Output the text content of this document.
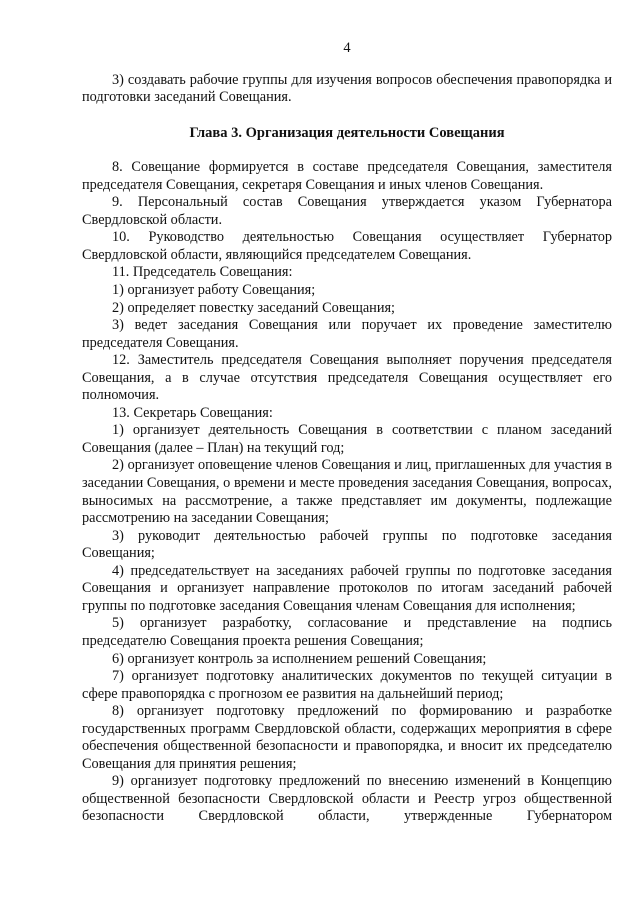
4

3) создавать рабочие группы для изучения вопросов обеспечения правопорядка и подготовки заседаний Совещания.

Глава 3. Организация деятельности Совещания

8. Совещание формируется в составе председателя Совещания, заместителя председателя Совещания, секретаря Совещания и иных членов Совещания.

9. Персональный состав Совещания утверждается указом Губернатора Свердловской области.

10. Руководство деятельностью Совещания осуществляет Губернатор Свердловской области, являющийся председателем Совещания.

11. Председатель Совещания:

1) организует работу Совещания;

2) определяет повестку заседаний Совещания;

3) ведет заседания Совещания или поручает их проведение заместителю председателя Совещания.

12. Заместитель председателя Совещания выполняет поручения председателя Совещания, а в случае отсутствия председателя Совещания осуществляет его полномочия.

13. Секретарь Совещания:

1) организует деятельность Совещания в соответствии с планом заседаний Совещания (далее – План) на текущий год;

2) организует оповещение членов Совещания и лиц, приглашенных для участия в заседании Совещания, о времени и месте проведения заседания Совещания, вопросах, выносимых на рассмотрение, а также представляет им документы, подлежащие рассмотрению на заседании Совещания;

3) руководит деятельностью рабочей группы по подготовке заседания Совещания;

4) председательствует на заседаниях рабочей группы по подготовке заседания Совещания и организует направление протоколов по итогам заседаний рабочей группы по подготовке заседания Совещания членам Совещания для исполнения;

5) организует разработку, согласование и представление на подпись председателю Совещания проекта решения Совещания;

6) организует контроль за исполнением решений Совещания;

7) организует подготовку аналитических документов по текущей ситуации в сфере правопорядка с прогнозом ее развития на дальнейший период;

8) организует подготовку предложений по формированию и разработке государственных программ Свердловской области, содержащих мероприятия в сфере обеспечения общественной безопасности и правопорядка, и вносит их председателю Совещания для принятия решения;

9) организует подготовку предложений по внесению изменений в Концепцию общественной безопасности Свердловской области и Реестр угроз общественной безопасности Свердловской области, утвержденные Губернатором
